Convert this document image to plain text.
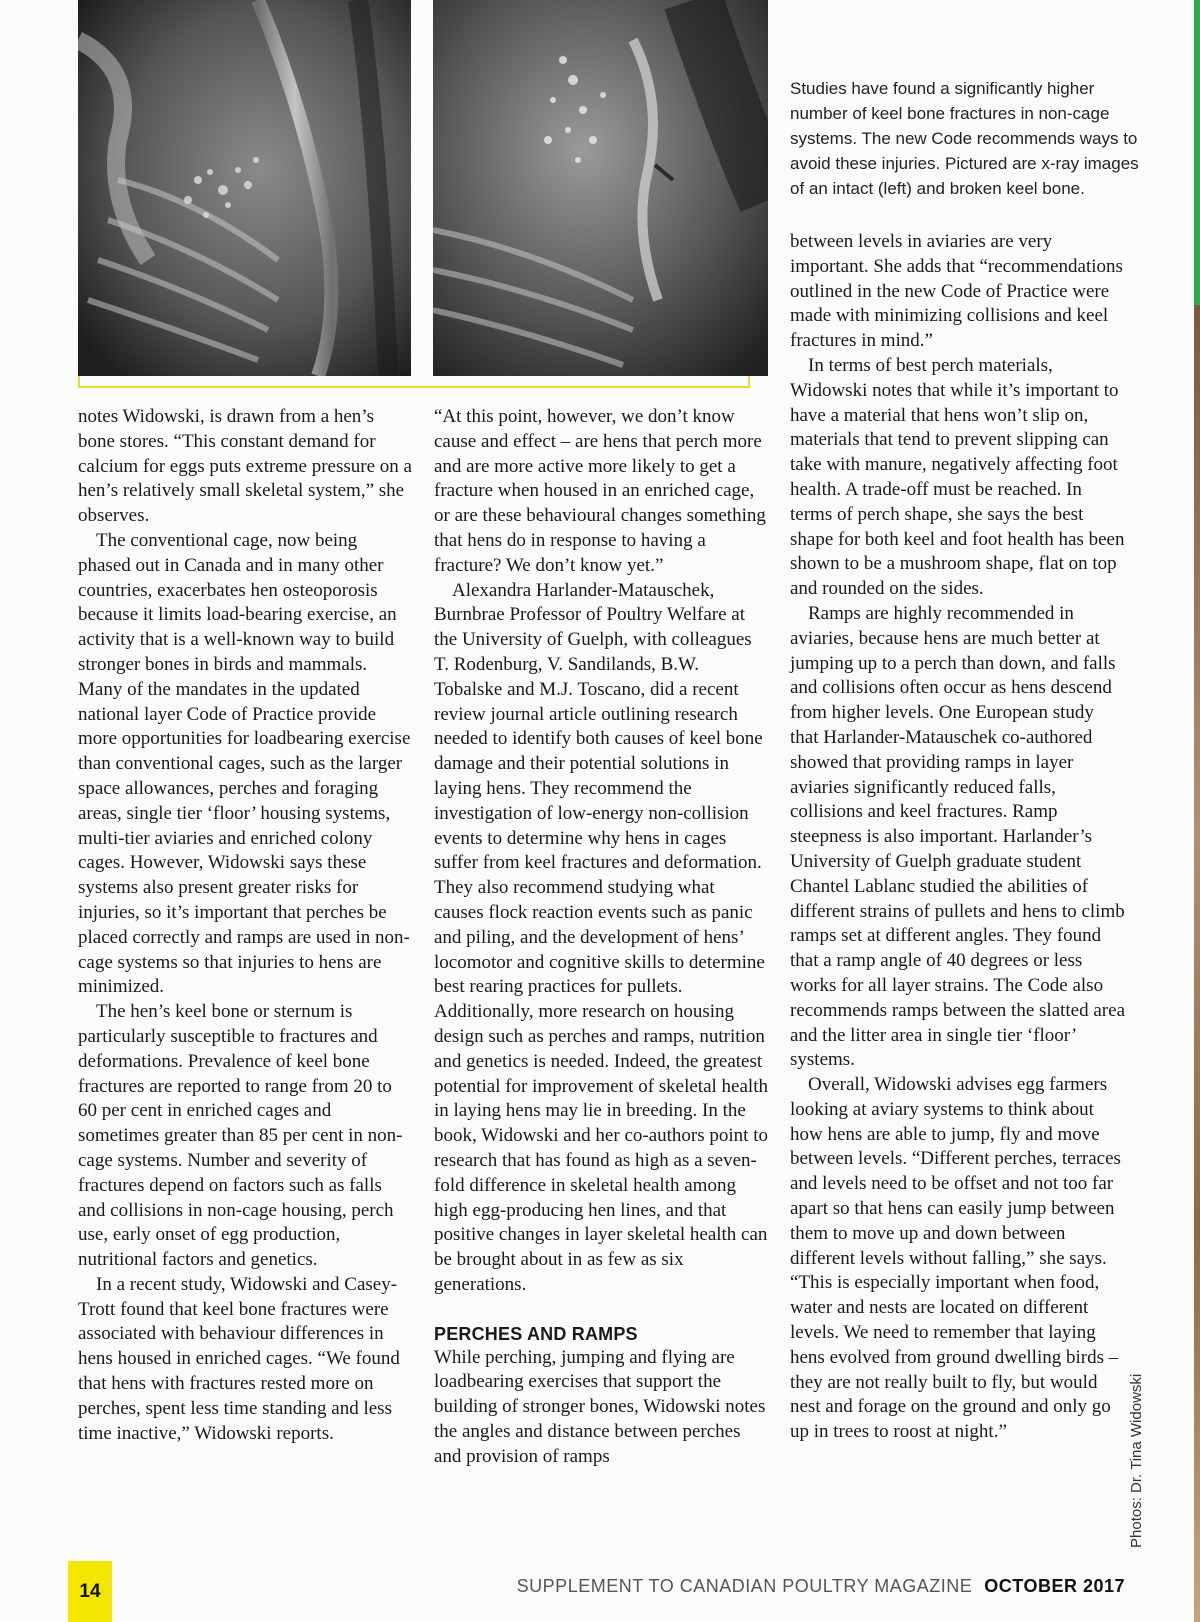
Studies have found a significantly higher number of keel bone fractures in non-cage systems. The new Code recommends ways to avoid these injuries. Pictured are x-ray images of an intact (left) and broken keel bone.

notes Widowski, is drawn from a hen’s bone stores. “This constant demand for calcium for eggs puts extreme pressure on a hen’s relatively small skeletal system,” she observes.

The conventional cage, now being phased out in Canada and in many other countries, exacerbates hen osteoporosis because it limits load-bearing exercise, an activity that is a well-known way to build stronger bones in birds and mammals. Many of the mandates in the updated national layer Code of Practice provide more opportunities for loadbearing exercise than conventional cages, such as the larger space allowances, perches and foraging areas, single tier ‘floor’ housing systems, multi-tier aviaries and enriched colony cages. However, Widowski says these systems also present greater risks for injuries, so it’s important that perches be placed correctly and ramps are used in non-cage systems so that injuries to hens are minimized.

The hen’s keel bone or sternum is particularly susceptible to fractures and deformations. Prevalence of keel bone fractures are reported to range from 20 to 60 per cent in enriched cages and sometimes greater than 85 per cent in non-cage systems. Number and severity of fractures depend on factors such as falls and collisions in non-cage housing, perch use, early onset of egg production, nutritional factors and genetics.

In a recent study, Widowski and Casey-Trott found that keel bone fractures were associated with behaviour differences in hens housed in enriched cages. “We found that hens with fractures rested more on perches, spent less time standing and less time inactive,” Widowski reports.

“At this point, however, we don’t know cause and effect – are hens that perch more and are more active more likely to get a fracture when housed in an enriched cage, or are these behavioural changes something that hens do in response to having a fracture? We don’t know yet.”

Alexandra Harlander-Matauschek, Burnbrae Professor of Poultry Welfare at the University of Guelph, with colleagues T. Rodenburg, V. Sandilands, B.W. Tobalske and M.J. Toscano, did a recent review journal article outlining research needed to identify both causes of keel bone damage and their potential solutions in laying hens. They recommend the investigation of low-energy non-collision events to determine why hens in cages suffer from keel fractures and deformation. They also recommend studying what causes flock reaction events such as panic and piling, and the development of hens’ locomotor and cognitive skills to determine best rearing practices for pullets. Additionally, more research on housing design such as perches and ramps, nutrition and genetics is needed. Indeed, the greatest potential for improvement of skeletal health in laying hens may lie in breeding. In the book, Widowski and her co-authors point to research that has found as high as a seven-fold difference in skeletal health among high egg-producing hen lines, and that positive changes in layer skeletal health can be brought about in as few as six generations.

PERCHES AND RAMPS

While perching, jumping and flying are loadbearing exercises that support the building of stronger bones, Widowski notes the angles and distance between perches and provision of ramps

between levels in aviaries are very important. She adds that “recommendations outlined in the new Code of Practice were made with minimizing collisions and keel fractures in mind.”

In terms of best perch materials, Widowski notes that while it’s important to have a material that hens won’t slip on, materials that tend to prevent slipping can take with manure, negatively affecting foot health. A trade-off must be reached. In terms of perch shape, she says the best shape for both keel and foot health has been shown to be a mushroom shape, flat on top and rounded on the sides.

Ramps are highly recommended in aviaries, because hens are much better at jumping up to a perch than down, and falls and collisions often occur as hens descend from higher levels. One European study that Harlander-Matauschek co-authored showed that providing ramps in layer aviaries significantly reduced falls, collisions and keel fractures. Ramp steepness is also important. Harlander’s University of Guelph graduate student Chantel Lablanc studied the abilities of different strains of pullets and hens to climb ramps set at different angles. They found that a ramp angle of 40 degrees or less works for all layer strains. The Code also recommends ramps between the slatted area and the litter area in single tier ‘floor’ systems.

Overall, Widowski advises egg farmers looking at aviary systems to think about how hens are able to jump, fly and move between levels. “Different perches, terraces and levels need to be offset and not too far apart so that hens can easily jump between them to move up and down between different levels without falling,” she says. “This is especially important when food, water and nests are located on different levels. We need to remember that laying hens evolved from ground dwelling birds – they are not really built to fly, but would nest and forage on the ground and only go up in trees to roost at night.”	Photos: Dr. Tina Widowski
14	SUPPLEMENT TO CANADIAN POULTRY MAGAZINE OCTOBER 2017
